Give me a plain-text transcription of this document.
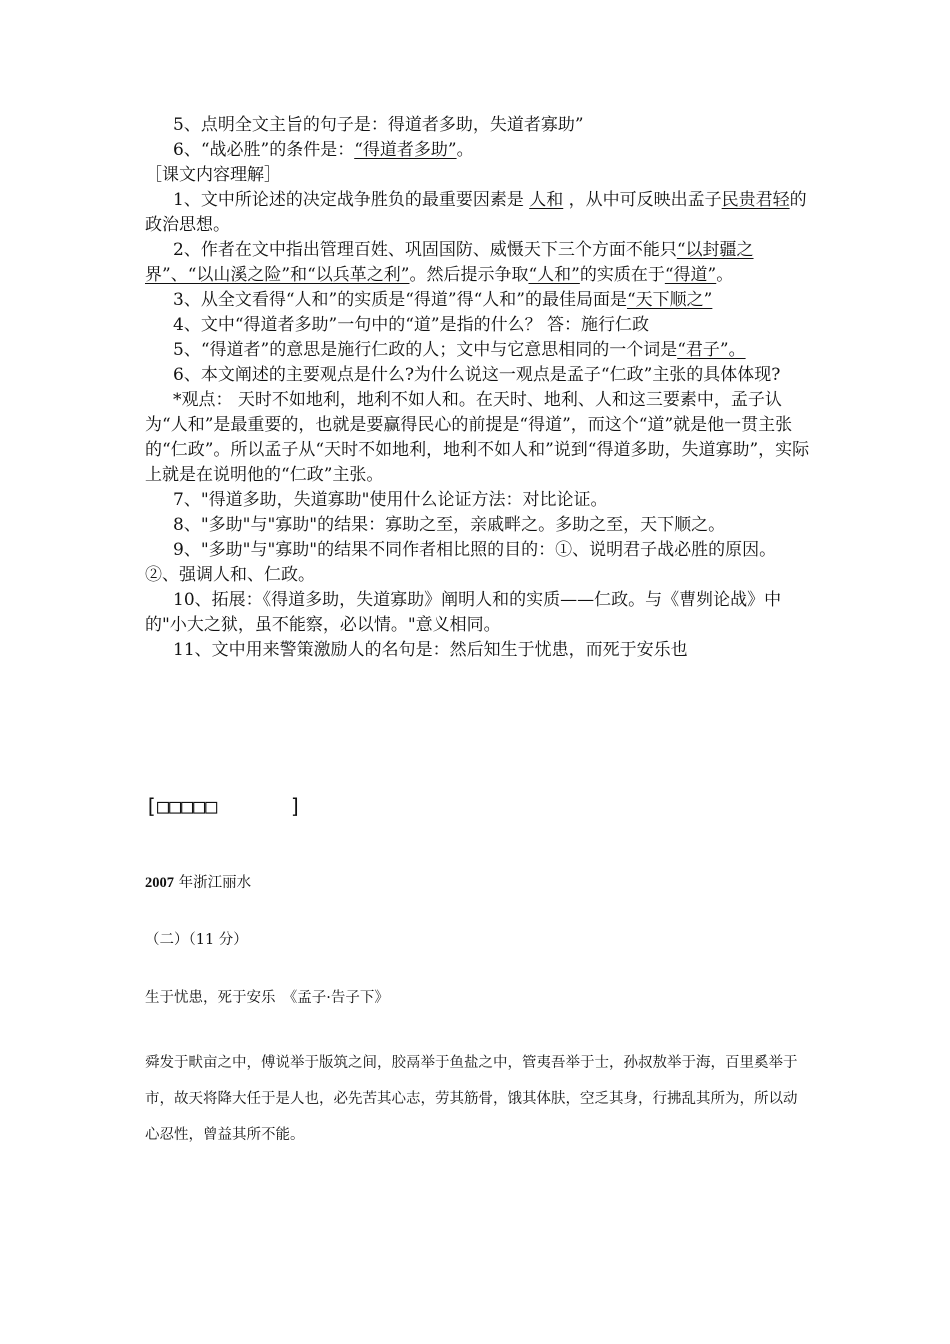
5、点明全文主旨的句子是：得道者多助，失道者寡助”

6、“战必胜”的条件是：“得道者多助”。

［课文内容理解］

1、文中所论述的决定战争胜负的最重要因素是 人和 ，从中可反映出孟子民贵君轻的 政治思想。

2、作者在文中指出管理百姓、巩固国防、威慑天下三个方面不能只“以封疆之界”、“以山溪之险”和“以兵革之利”。然后提示争取“人和”的实质在于“得道”。

3、从全文看得“人和”的实质是“得道”得“人和”的最佳局面是“天下顺之”

4、文中“得道者多助”一句中的“道”是指的什么？ 答：施行仁政

5、“得道者”的意思是施行仁政的人；文中与它意思相同的一个词是“君子”。

6、本文阐述的主要观点是什么?为什么说这一观点是孟子“仁政”主张的具体体现?

*观点： 天时不如地利，地利不如人和。在天时、地利、人和这三要素中，孟子认为“人和”是最重要的，也就是要赢得民心的前提是“得道”，而这个“道”就是他一贯主张的“仁政”。所以孟子从“天时不如地利，地利不如人和”说到“得道多助，失道寡助”，实际上就是在说明他的“仁政”主张。

7、"得道多助，失道寡助"使用什么论证方法：对比论证。

8、"多助"与"寡助"的结果：寡助之至，亲戚畔之。多助之至，天下顺之。

9、"多助"与"寡助"的结果不同作者相比照的目的：①、说明君子战必胜的原因。②、强调人和、仁政。

10、拓展：《得道多助，失道寡助》阐明人和的实质——仁政。与《曹刿论战》中的"小大之狱，虽不能察，必以情。"意义相同。

11、文中用来警策激励人的名句是：然后知生于忧患，而死于安乐也

[□□□□□      ]
2007 年浙江丽水
（二）（11 分）
生于忧患，死于安乐　《孟子·告子下》
舜发于畎亩之中，傅说举于版筑之间，胶鬲举于鱼盐之中，管夷吾举于士，孙叔敖举于海，百里奚举于市，故天将降大任于是人也，必先苦其心志，劳其筋骨，饿其体肤，空乏其身，行拂乱其所为，所以动心忍性，曾益其所不能。
